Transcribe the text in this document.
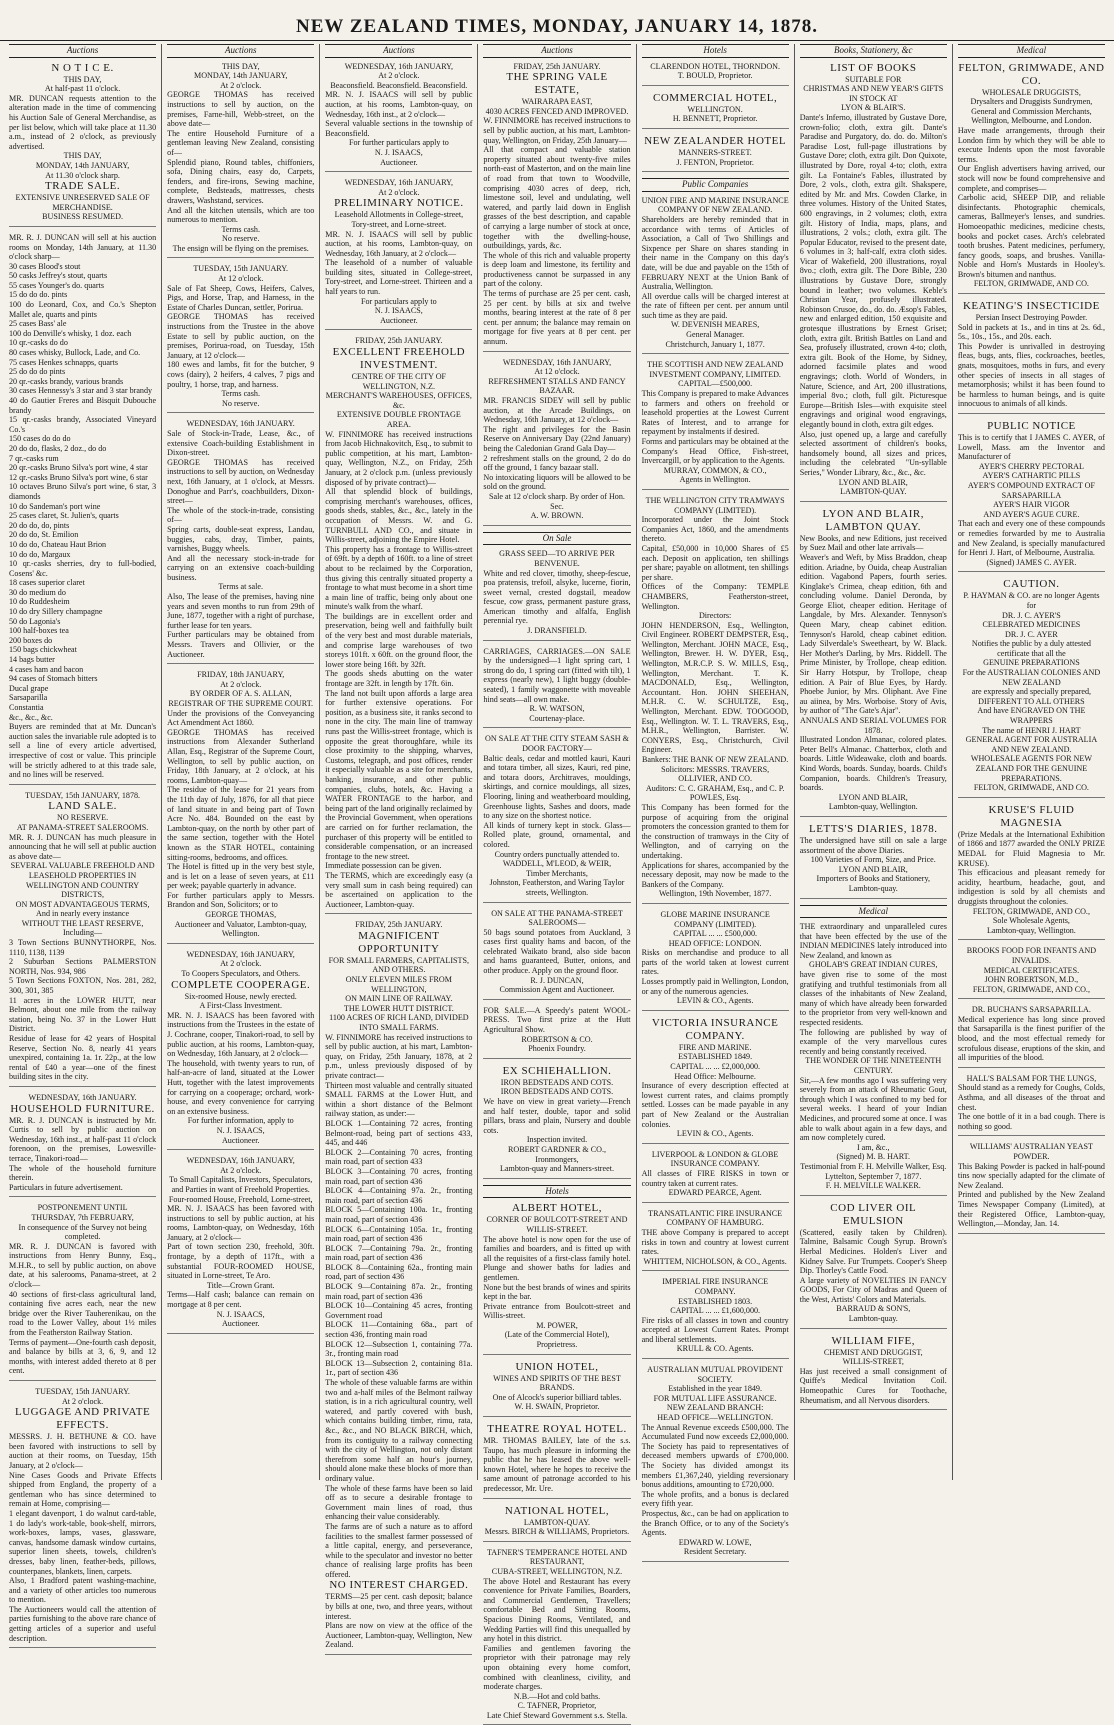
NEW ZEALAND TIMES, MONDAY, JANUARY 14, 1878.
Auctions

N O T I C E.

THIS DAY,

At half-past 11 o'clock.

MR. DUNCAN requests attention to the alteration made in the time of commencing his Auction Sale of General Merchandise, as per list below, which will take place at 11.30 a.m., instead of 2 o'clock, as previously advertised.

THIS DAY,

MONDAY, 14th JANUARY,

At 11.30 o'clock sharp.

TRADE SALE.

EXTENSIVE UNRESERVED SALE OF MERCHANDISE.

BUSINESS RESUMED.

MR. R. J. DUNCAN will sell at his auction rooms on Monday, 14th January, at 11.30 o'clock sharp—

30 cases Blood's stout

50 casks Jeffrey's stout, quarts

55 cases Younger's do. quarts

15 do do do. pints

100 do Leonard, Cox, and Co.'s Shepton Mallet ale, quarts and pints

25 cases Bass' ale

100 do Denville's whisky, 1 doz. each

10 qr.-casks do do

80 cases whisky, Bullock, Lade, and Co.

75 cases Henkes schnapps, quarts

25 do do do pints

20 qr.-casks brandy, various brands

30 cases Hennessy's 3 star and 3 star brandy

40 do Gautier Freres and Bisquit Dubouche brandy

15 qr.-casks brandy, Associated Vineyard Co.'s

150 cases do do do

20 do do, flasks, 2 doz., do do

7 qr.-casks rum

20 qr.-casks Bruno Silva's port wine, 4 star

12 qr.-casks Bruno Silva's port wine, 6 star

10 octaves Bruno Silva's port wine, 6 star, 3 diamonds

10 do Sandeman's port wine

25 cases claret, St. Julien's, quarts

20 do do, do, pints

20 do do, St. Emilion

10 do do, Chateau Haut Brion

10 do do, Margaux

10 qr.-casks sherries, dry to full-bodied, Cosens' &c.

18 cases superior claret

30 do medium do

10 do Ruddesheim

10 do dry Sillery champagne

50 do Lagonia's

100 half-boxes tea

200 boxes do

150 bags chickwheat

14 bags butter

4 cases ham and bacon

94 cases of Stomach bitters

Ducal grape

Sarsaparilla

Constantia

&c., &c., &c.

Buyers are reminded that at Mr. Duncan's auction sales the invariable rule adopted is to sell a line of every article advertised, irrespective of cost or value. This principle will be strictly adhered to at this trade sale, and no lines will be reserved.

TUESDAY, 15th JANUARY, 1878.

LAND SALE.

NO RESERVE.

AT PANAMA-STREET SALEROOMS.

MR. R. J. DUNCAN has much pleasure in announcing that he will sell at public auction as above date—

SEVERAL VALUABLE FREEHOLD AND LEASEHOLD PROPERTIES IN WELLINGTON AND COUNTRY DISTRICTS,

ON MOST ADVANTAGEOUS TERMS,

And in nearly every instance

WITHOUT THE LEAST RESERVE,

Including—

3 Town Sections BUNNYTHORPE, Nos. 1110, 1138, 1139

2 Suburban Sections PALMERSTON NORTH, Nos. 934, 986

5 Town Sections FOXTON, Nos. 281, 282, 300, 301, 385

11 acres in the LOWER HUTT, near Belmont, about one mile from the railway station, being No. 37 in the Lower Hutt District.

Residue of lease for 42 years of Hospital Reserve, Section No. 8, nearly 41 years unexpired, containing 1a. 1r. 22p., at the low rental of £40 a year—one of the finest building sites in the city.

WEDNESDAY, 16th JANUARY.

HOUSEHOLD FURNITURE.

MR. R. J. DUNCAN is instructed by Mr. Curtis to sell by public auction on Wednesday, 16th inst., at half-past 11 o'clock forenoon, on the premises, Lowesville-terrace, Tinakori-road—

The whole of the household furniture therein.

Particulars in future advertisement.

POSTPONEMENT UNTIL

THURSDAY, 7th FEBRUARY,

In consequence of the Survey not being completed.

MR. R. J. DUNCAN is favored with instructions from Henry Bunny, Esq., M.H.R., to sell by public auction, on above date, at his salerooms, Panama-street, at 2 o'clock—

40 sections of first-class agricultural land, containing five acres each, near the new bridge over the River Tauherenikau, on the road to the Lower Valley, about 1½ miles from the Featherston Railway Station.

Terms of payment—One-fourth cash deposit, and balance by bills at 3, 6, 9, and 12 months, with interest added thereto at 8 per cent.

TUESDAY, 15th JANUARY.

At 2 o'clock.

LUGGAGE AND PRIVATE EFFECTS.

MESSRS. J. H. BETHUNE & CO. have been favored with instructions to sell by auction at their rooms, on Tuesday, 15th January, at 2 o'clock—

Nine Cases Goods and Private Effects shipped from England, the property of a gentleman who has since determined to remain at Home, comprising—

1 elegant davenport, 1 do walnut card-table, 1 do lady's work-table, book-shelf, mirrors, work-boxes, lamps, vases, glassware, canvas, handsome damask window curtains, superior linen sheets, towels, children's dresses, baby linen, feather-beds, pillows, counterpanes, blankets, linen, carpets.

Also, 1 Bradford patent washing-machine, and a variety of other articles too numerous to mention.

The Auctioneers would call the attention of parties furnishing to the above rare chance of getting articles of a superior and useful description.

Auctions

THIS DAY,

MONDAY, 14th JANUARY,

At 2 o'clock.

GEORGE THOMAS has received instructions to sell by auction, on the premises, Farne-hill, Webb-street, on the above date—

The entire Household Furniture of a gentleman leaving New Zealand, consisting of—

Splendid piano, Round tables, chiffoniers, sofa, Dining chairs, easy do, Carpets, fenders, and fire-irons, Sewing machine, complete, Bedsteads, mattresses, chests drawers, Washstand, services.

And all the kitchen utensils, which are too numerous to mention.

Terms cash.

No reserve.

The ensign will be flying on the premises.

TUESDAY, 15th JANUARY.

At 12 o'clock.

Sale of Fat Sheep, Cows, Heifers, Calves, Pigs, and Horse, Trap, and Harness, in the Estate of Charles Duncan, settler, Porirua.

GEORGE THOMAS has received instructions from the Trustee in the above Estate to sell by public auction, on the premises, Porirua-road, on Tuesday, 15th January, at 12 o'clock—

180 ewes and lambs, fit for the butcher, 9 cows (dairy), 2 heifers, 4 calves, 7 pigs and poultry, 1 horse, trap, and harness.

Terms cash.

No reserve.

WEDNESDAY, 16th JANUARY.

Sale of Stock-in-Trade, Lease, &c., of extensive Coach-building Establishment in Dixon-street.

GEORGE THOMAS has received instructions to sell by auction, on Wednesday next, 16th January, at 1 o'clock, at Messrs. Donoghue and Parr's, coachbuilders, Dixon-street—

The whole of the stock-in-trade, consisting of—

Spring carts, double-seat express, Landau, buggies, cabs, dray, Timber, paints, varnishes, Buggy wheels.

And all the necessary stock-in-trade for carrying on an extensive coach-building business.

Terms at sale.

Also, The lease of the premises, having nine years and seven months to run from 29th of June, 1877, together with a right of purchase, further lease for ten years.

Further particulars may be obtained from Messrs. Travers and Ollivier, or the Auctioneer.

FRIDAY, 18th JANUARY,

At 2 o'clock.

BY ORDER OF A. S. ALLAN, REGISTRAR OF THE SUPREME COURT.

Under the provisions of the Conveyancing Act Amendment Act 1860.

GEORGE THOMAS has received instructions from Alexander Sutherland Allan, Esq., Registrar of the Supreme Court, Wellington, to sell by public auction, on Friday, 18th January, at 2 o'clock, at his rooms, Lambton-quay—

The residue of the lease for 21 years from the 11th day of July, 1876, for all that piece of land situate in and being part of Town Acre No. 484. Bounded on the east by Lambton-quay, on the north by other part of the same section, together with the Hotel known as the STAR HOTEL, containing sitting-rooms, bedrooms, and offices.

The Hotel is fitted up in the very best style, and is let on a lease of seven years, at £11 per week; payable quarterly in advance.

For further particulars apply to Messrs. Brandon and Son, Solicitors; or to

GEORGE THOMAS,

Auctioneer and Valuator, Lambton-quay, Wellington.

WEDNESDAY, 16th JANUARY,

At 2 o'clock.

To Coopers Speculators, and Others.

COMPLETE COOPERAGE.

Six-roomed House, newly erected.

A First-Class Investment.

MR. N. J. ISAACS has been favored with instructions from the Trustees in the estate of J. Cochrane, cooper, Tinakori-road, to sell by public auction, at his rooms, Lambton-quay, on Wednesday, 16th January, at 2 o'clock—

The household, with twenty years to run, of half-an-acre of land, situated at the Lower Hutt, together with the latest improvements for carrying on a cooperage; orchard, work-house, and every convenience for carrying on an extensive business.

For further information, apply to

N. J. ISAACS,

Auctioneer.

WEDNESDAY, 16th JANUARY,

At 2 o'clock.

To Small Capitalists, Investors, Speculators, and Parties in want of Freehold Properties.

Four-roomed House, Freehold, Lorne-street,

MR. N. J. ISAACS has been favored with instructions to sell by public auction, at his rooms, Lambton-quay, on Wednesday, 16th January, at 2 o'clock—

Part of town section 230, freehold, 30ft. frontage, by a depth of 117ft., with a substantial FOUR-ROOMED HOUSE, situated in Lorne-street, Te Aro.

Title—Crown Grant.

Terms—Half cash; balance can remain on mortgage at 8 per cent.

N. J. ISAACS,

Auctioneer.

Auctions

WEDNESDAY, 16th JANUARY,

At 2 o'clock.

Beaconsfield. Beaconsfield. Beaconsfield.

MR. N. J. ISAACS will sell by public auction, at his rooms, Lambton-quay, on Wednesday, 16th inst., at 2 o'clock—

Several valuable sections in the township of Beaconsfield.

For further particulars apply to

N. J. ISAACS,

Auctioneer.

WEDNESDAY, 16th JANUARY,

At 2 o'clock.

PRELIMINARY NOTICE.

Leasehold Allotments in College-street, Tory-street, and Lorne-street.

MR. N. J. ISAACS will sell by public auction, at his rooms, Lambton-quay, on Wednesday, 16th January, at 2 o'clock—

The leasehold of a number of valuable building sites, situated in College-street, Tory-street, and Lorne-street. Thirteen and a half years to run.

For particulars apply to

N. J. ISAACS,

Auctioneer.

FRIDAY, 25th JANUARY.

EXCELLENT FREEHOLD INVESTMENT.

CENTRE OF THE CITY OF WELLINGTON, N.Z.

MERCHANT'S WAREHOUSES, OFFICES, &c.

EXTENSIVE DOUBLE FRONTAGE AREA.

W. FINNIMORE has received instructions from Jacob Hichnakovitch, Esq., to submit to public competition, at his mart, Lambton-quay, Wellington, N.Z., on Friday, 25th January, at 2 o'clock p.m. (unless previously disposed of by private contract)—

All that splendid block of buildings, comprising merchant's warehouses, offices, goods sheds, stables, &c., &c., lately in the occupation of Messrs. W. and G. TURNBULL AND CO., and situate in Willis-street, adjoining the Empire Hotel.

This property has a frontage to Willis-street of 69ft. by a depth of 160ft. to a line of street about to be reclaimed by the Corporation, thus giving this centrally situated property a frontage to what must become in a short time a main line of traffic, being only about one minute's walk from the wharf.

The buildings are in excellent order and preservation, being well and faithfully built of the very best and most durable materials, and comprise large warehouses of two storeys 101ft. x 60ft. on the ground floor, the lower store being 16ft. by 32ft.

The goods sheds abutting on the water frontage are 32ft. in length by 17ft. 6in.

The land not built upon affords a large area for further extensive operations. For position, as a business site, it ranks second to none in the city. The main line of tramway runs past the Willis-street frontage, which is opposite the great thoroughfare, while its close proximity to the shipping, wharves, Customs, telegraph, and post offices, render it especially valuable as a site for merchants, banking, insurance, and other public companies, clubs, hotels, &c. Having a WATER FRONTAGE to the harbor, and being part of the land originally reclaimed by the Provincial Government, when operations are carried on for further reclamation, the purchaser of this property will be entitled to considerable compensation, or an increased frontage to the new street.

Immediate possession can be given.

The TERMS, which are exceedingly easy (a very small sum in cash being required) can be ascertained on application to the Auctioneer, Lambton-quay.

FRIDAY, 25th JANUARY.

MAGNIFICENT OPPORTUNITY

FOR SMALL FARMERS, CAPITALISTS, AND OTHERS.

ONLY ELEVEN MILES FROM WELLINGTON,

ON MAIN LINE OF RAILWAY.

THE LOWER HUTT DISTRICT.

1100 ACRES OF RICH LAND, DIVIDED INTO SMALL FARMS.

W. FINNIMORE has received instructions to sell by public auction, at his mart, Lambton-quay, on Friday, 25th January, 1878, at 2 p.m., unless previously disposed of by private contract—

Thirteen most valuable and centrally situated SMALL FARMS at the Lower Hutt, and within a short distance of the Belmont railway station, as under:—

BLOCK 1—Containing 72 acres, fronting Belmont-road, being part of sections 433, 445, and 446

BLOCK 2—Containing 70 acres, fronting main road, part of section 433

BLOCK 3—Containing 70 acres, fronting main road, part of section 436

BLOCK 4—Containing 97a. 2r., fronting main road, part of section 436

BLOCK 5—Containing 100a. 1r., fronting main road, part of section 436

BLOCK 6—Containing 105a. 1r., fronting main road, part of section 436

BLOCK 7—Containing 79a. 2r., fronting main road, part of section 436

BLOCK 8—Containing 62a., fronting main road, part of section 436

BLOCK 9—Containing 87a. 2r., fronting main road, part of section 436

BLOCK 10—Containing 45 acres, fronting Government road

BLOCK 11—Containing 68a., part of section 436, fronting main road

BLOCK 12—Subsection 1, containing 77a. 3r., fronting main road

BLOCK 13—Subsection 2, containing 81a. 1r., part of section 436

The whole of these valuable farms are within two and a-half miles of the Belmont railway station, is in a rich agricultural country, well watered, and partly covered with bush, which contains building timber, rimu, rata, &c., &c., and NO BLACK BIRCH, which, from its contiguity to a railway connecting with the city of Wellington, not only distant therefrom some half an hour's journey, should alone make these blocks of more than ordinary value.

The whole of these farms have been so laid off as to secure a desirable frontage to Government main lines of road, thus enhancing their value considerably.

The farms are of such a nature as to afford facilities to the smallest farmer possessed of a little capital, energy, and perseverance, while to the speculator and investor no better chance of realising large profits has been offered.

NO INTEREST CHARGED.

TERMS—25 per cent. cash deposit; balance by bills at one, two, and three years, without interest.

Plans are now on view at the office of the Auctioneer, Lambton-quay, Wellington, New Zealand.

Auctions

FRIDAY, 25th JANUARY.

THE SPRING VALE ESTATE,

WAIRARAPA EAST,

4030 ACRES FENCED AND IMPROVED.

W. FINNIMORE has received instructions to sell by public auction, at his mart, Lambton-quay, Wellington, on Friday, 25th January—

All that compact and valuable station property situated about twenty-five miles north-east of Masterton, and on the main line of road from that town to Woodville, comprising 4030 acres of deep, rich, limestone soil, level and undulating, well watered, and partly laid down in English grasses of the best description, and capable of carrying a large number of stock at once, together with the dwelling-house, outbuildings, yards, &c.

The whole of this rich and valuable property is deep loam and limestone, its fertility and productiveness cannot be surpassed in any part of the colony.

The terms of purchase are 25 per cent. cash, 25 per cent. by bills at six and twelve months, bearing interest at the rate of 8 per cent. per annum; the balance may remain on mortgage for five years at 8 per cent. per annum.

WEDNESDAY, 16th JANUARY,

At 12 o'clock.

REFRESHMENT STALLS AND FANCY BAZAAR.

MR. FRANCIS SIDEY will sell by public auction, at the Arcade Buildings, on Wednesday, 16th January, at 12 o'clock—

The right and privileges for the Basin Reserve on Anniversary Day (22nd January) being the Caledonian Grand Gala Day—

2 refreshment stalls on the ground, 2 do do off the ground, 1 fancy bazaar stall.

No intoxicating liquors will be allowed to be sold on the ground.

Sale at 12 o'clock sharp. By order of Hon. Sec.

A. W. BROWN.

On Sale

GRASS SEED—TO ARRIVE PER BENVENUE.

White and red clover, timothy, sheep-fescue, poa pratensis, trefoil, alsyke, lucerne, fiorin, sweet vernal, crested dogstail, meadow fescue, cow grass, permanent pasture grass, American timothy and alfalfa, English perennial rye.

J. DRANSFIELD.

CARRIAGES, CARRIAGES.—ON SALE by the undersigned—1 light spring cart, 1 strong do do, 1 spring cart (fitted with tilt), 1 express (nearly new), 1 light buggy (double-seated), 1 family waggonette with moveable hind seats—all own make.

R. W. WATSON,

Courtenay-place.

ON SALE AT THE CITY STEAM SASH & DOOR FACTORY—

Baltic deals, cedar and mottled kauri, Kauri and totara timber, all sizes, Kauri, red pine, and totara doors, Architraves, mouldings, skirtings, and cornice mouldings, all sizes, Flooring, lining and weatherboard moulding, Greenhouse lights, Sashes and doors, made to any size on the shortest notice.

All kinds of turnery kept in stock. Glass—Rolled plate, ground, ornamental, and colored.

Country orders punctually attended to.

WADDELL, M'LEOD, & WEIR,

Timber Merchants,

Johnston, Featherston, and Waring Taylor streets, Wellington.

ON SALE AT THE PANAMA-STREET SALEROOMS—

50 bags sound potatoes from Auckland, 3 cases first quality hams and bacon, of the celebrated Waikato brand, also side bacon and hams guaranteed, Butter, onions, and other produce. Apply on the ground floor.

R. J. DUNCAN,

Commission Agent and Auctioneer.

FOR SALE.—A Speedy's patent WOOL-PRESS. Two first prize at the Hutt Agricultural Show.

ROBERTSON & CO.

Phoenix Foundry.

EX SCHIEHALLION.

IRON BEDSTEADS AND COTS.

IRON BEDSTEADS AND COTS.

We have on view in great variety—French and half tester, double, tapor and solid pillars, brass and plain, Nursery and double cots.

Inspection invited.

ROBERT GARDNER & CO.,

Ironmongers,

Lambton-quay and Manners-street.

Hotels

ALBERT HOTEL,

CORNER OF BOULCOTT-STREET AND WILLIS-STREET.

The above hotel is now open for the use of families and boarders, and is fitted up with all the requisites of a first-class family hotel. Plunge and shower baths for ladies and gentlemen.

None but the best brands of wines and spirits kept in the bar.

Private entrance from Boulcott-street and Willis-street.

M. POWER,

(Late of the Commercial Hotel), Proprietress.

UNION HOTEL,

WINES AND SPIRITS OF THE BEST BRANDS.

One of Alcock's superior billiard tables.

W. H. SWAIN, Proprietor.

THEATRE ROYAL HOTEL.

MR. THOMAS BAILEY, late of the s.s. Taupo, has much pleasure in informing the public that he has leased the above well-known Hotel, where he hopes to receive the same amount of patronage accorded to his predecessor, Mr. Ure.

NATIONAL HOTEL,

LAMBTON-QUAY.

Messrs. BIRCH & WILLIAMS, Proprietors.

TAFNER'S TEMPERANCE HOTEL AND RESTAURANT,

CUBA-STREET, WELLINGTON, N.Z.

The above Hotel and Restaurant has every convenience for Private Families, Boarders, and Commercial Gentlemen, Travellers; comfortable Bed and Sitting Rooms, Spacious Dining Rooms, Ventilated, and Wedding Parties will find this unequalled by any hotel in this district.

Families and gentlemen favoring the proprietor with their patronage may rely upon obtaining every home comfort, combined with cleanliness, civility, and moderate charges.

N.B.—Hot and cold baths.

C. TAFNER, Proprietor,

Late Chief Steward Government s.s. Stella.

Hotels

CLARENDON HOTEL, THORNDON.

T. BOULD, Proprietor.

COMMERCIAL HOTEL,

WELLINGTON.

H. BENNETT, Proprietor.

NEW ZEALANDER HOTEL

MANNERS-STREET.

J. FENTON, Proprietor.

Public Companies

UNION FIRE AND MARINE INSURANCE COMPANY OF NEW ZEALAND.

Shareholders are hereby reminded that in accordance with terms of Articles of Association, a Call of Two Shillings and Sixpence per Share on shares standing in their name in the Company on this day's date, will be due and payable on the 15th of FEBRUARY NEXT at the Union Bank of Australia, Wellington.

All overdue calls will be charged interest at the rate of fifteen per cent. per annum until such time as they are paid.

W. DEVENISH MEARES,

General Manager.

Christchurch, January 1, 1877.

THE SCOTTISH AND NEW ZEALAND INVESTMENT COMPANY, LIMITED.

CAPITAL—£500,000.

This Company is prepared to make Advances to farmers and others on freehold or leasehold properties at the Lowest Current Rates of Interest, and to arrange for repayment by instalments if desired.

Forms and particulars may be obtained at the Company's Head Office, Fish-street, Invercargill, or by application to the Agents.

MURRAY, COMMON, & CO.,

Agents in Wellington.

THE WELLINGTON CITY TRAMWAYS COMPANY (LIMITED).

Incorporated under the Joint Stock Companies Act, 1860, and the amendments thereto.

Capital, £50,000 in 10,000 Shares of £5 each. Deposit on application, ten shillings per share; payable on allotment, ten shillings per share.

Offices of the Company: TEMPLE CHAMBERS, Featherston-street, Wellington.

Directors:

JOHN HENDERSON, Esq., Wellington, Civil Engineer. ROBERT DEMPSTER, Esq., Wellington, Merchant. JOHN MACE, Esq., Wellington, Brewer. H. W. DYER, Esq., Wellington, M.R.C.P. S. W. MILLS, Esq., Wellington, Merchant. T. K. MACDONALD, Esq., Wellington, Accountant. Hon. JOHN SHEEHAN, M.H.R. C. W. SCHULTZE, Esq., Wellington, Merchant. EDW. TOOGOOD, Esq., Wellington. W. T. L. TRAVERS, Esq., M.H.R., Wellington, Barrister. W. CONYERS, Esq., Christchurch, Civil Engineer.

Bankers: THE BANK OF NEW ZEALAND.

Solicitors: MESSRS. TRAVERS, OLLIVIER, AND CO.

Auditors: C. C. GRAHAM, Esq., and C. P. POWLES, Esq.

This Company has been formed for the purpose of acquiring from the original promoters the concession granted to them for the construction of tramways in the City of Wellington, and of carrying on the undertaking.

Applications for shares, accompanied by the necessary deposit, may now be made to the Bankers of the Company.

Wellington, 19th November, 1877.

GLOBE MARINE INSURANCE COMPANY (LIMITED).

CAPITAL ... ... £500,000.

HEAD OFFICE: LONDON.

Risks on merchandise and produce to all parts of the world taken at lowest current rates.

Losses promptly paid in Wellington, London, or any of the numerous agencies.

LEVIN & CO., Agents.

VICTORIA INSURANCE COMPANY.

FIRE AND MARINE.

ESTABLISHED 1849.

CAPITAL ... ... £2,000,000.

Head Office: Melbourne.

Insurance of every description effected at lowest current rates, and claims promptly settled. Losses can be made payable in any part of New Zealand or the Australian colonies.

LEVIN & CO., Agents.

LIVERPOOL & LONDON & GLOBE INSURANCE COMPANY.

All classes of FIRE RISKS in town or country taken at current rates.

EDWARD PEARCE, Agent.

TRANSATLANTIC FIRE INSURANCE COMPANY OF HAMBURG.

THE above Company is prepared to accept risks in town and country at lowest current rates.

WHITTEM, NICHOLSON, & CO., Agents.

IMPERIAL FIRE INSURANCE COMPANY.

ESTABLISHED 1803.

CAPITAL ... ... £1,600,000.

Fire risks of all classes in town and country accepted at Lowest Current Rates. Prompt and liberal settlements.

KRULL & CO. Agents.

AUSTRALIAN MUTUAL PROVIDENT SOCIETY.

Established in the year 1849.

FOR MUTUAL LIFE ASSURANCE.

NEW ZEALAND BRANCH:

HEAD OFFICE—WELLINGTON.

The Annual Revenue exceeds £500,000. The Accumulated Fund now exceeds £2,000,000. The Society has paid to representatives of deceased members upwards of £700,000. The Society has divided amongst its members £1,367,240, yielding reversionary bonus additions, amounting to £720,000.

The whole profits, and a bonus is declared every fifth year.

Prospectus, &c., can be had on application to the Branch Office, or to any of the Society's Agents.

EDWARD W. LOWE,

Resident Secretary.

Books, Stationery, &c

LIST OF BOOKS

SUITABLE FOR

CHRISTMAS AND NEW YEAR'S GIFTS

IN STOCK AT

LYON & BLAIR'S.

Dante's Inferno, illustrated by Gustave Dore, crown-folio; cloth, extra gilt. Dante's Paradise and Purgatory, do. do. do. Milton's Paradise Lost, full-page illustrations by Gustave Dore; cloth, extra gilt. Don Quixote, illustrated by Dore, royal 4-to; cloth, extra gilt. La Fontaine's Fables, illustrated by Dore, 2 vols., cloth, extra gilt. Shakspere, edited by Mr. and Mrs. Cowden Clarke, in three volumes. History of the United States, 600 engravings, in 2 volumes; cloth, extra gilt. History of India, maps, plans, and illustrations, 2 vols.; cloth, extra gilt. The Popular Educator, revised to the present date, 6 volumes in 3; half-calf, extra cloth sides. Vicar of Wakefield, 200 illustrations, royal 8vo.; cloth, extra gilt. The Dore Bible, 230 illustrations by Gustave Dore, strongly bound in leather; two volumes. Keble's Christian Year, profusely illustrated. Robinson Crusoe, do., do. do. Æsop's Fables, new and enlarged edition, 150 exquisite and grotesque illustrations by Ernest Griset; cloth, extra gilt. British Battles on Land and Sea, profusely illustrated, crown 4-to; cloth, extra gilt. Book of the Home, by Sidney, adorned facsimile plates and wood engravings; cloth. World of Wonders, in Nature, Science, and Art, 200 illustrations, imperial 8vo.; cloth, full gilt. Picturesque Europe—British Isles—with exquisite steel engravings and original wood engravings, elegantly bound in cloth, extra gilt edges.

Also, just opened up, a large and carefully selected assortment of children's books, handsomely bound, all sizes and prices, including the celebrated "Un-syllable Series," Wonder Library, &c., &c., &c.

LYON AND BLAIR,

LAMBTON-QUAY.

LYON AND BLAIR, LAMBTON QUAY.

New Books, and new Editions, just received by Suez Mail and other late arrivals—

Weaver's and Weft, by Miss Braddon, cheap edition. Ariadne, by Ouida, cheap Australian edition. Vagabond Papers, fourth series. Kinglake's Crimea, cheap edition, 6th and concluding volume. Daniel Deronda, by George Eliot, cheaper edition. Heritage of Langdale, by Mrs. Alexander. Tennyson's Queen Mary, cheap cabinet edition. Tennyson's Harold, cheap cabinet edition. Lady Silverdale's Sweetheart, by W. Black. Her Mother's Darling, by Mrs. Riddell. The Prime Minister, by Trollope, cheap edition. Sir Harry Hotspur, by Trollope, cheap edition. A Pair of Blue Eyes, by Hardy. Phoebe Junior, by Mrs. Oliphant. Ave Fine au aiinea, by Mrs. Worboise. Story of Avis, by author of "The Gate's Ajar".

ANNUALS AND SERIAL VOLUMES FOR 1878.

Illustrated London Almanac, colored plates. Peter Bell's Almanac. Chatterbox, cloth and boards. Little Wideawake, cloth and boards. Kind Words, boards. Sunday, boards. Child's Companion, boards. Children's Treasury, boards.

LYON AND BLAIR,

Lambton-quay, Wellington.

LETTS'S DIARIES, 1878.

The undersigned have still on sale a large assortment of the above Diaries.

100 Varieties of Form, Size, and Price.

LYON AND BLAIR,

Importers of Books and Stationery,

Lambton-quay.

Medical

THE extraordinary and unparalleled cures that have been effected by the use of the INDIAN MEDICINES lately introduced into New Zealand, and known as

GHOLAB'S GREAT INDIAN CURES,

have given rise to some of the most gratifying and truthful testimonials from all classes of the inhabitants of New Zealand, many of which have already been forwarded to the proprietor from very well-known and respected residents.

The following are published by way of example of the very marvellous cures recently and being constantly received.

THE WONDER OF THE NINETEENTH CENTURY.

Sir,—A few months ago I was suffering very severely from an attack of Rheumatic Gout, through which I was confined to my bed for several weeks. I heard of your Indian Medicines, and procured some at once. I was able to walk about again in a few days, and am now completely cured.

I am, &c.,

(Signed) M. B. HART.

Testimonial from F. H. Melville Walker, Esq.

Lyttelton, September 7, 1877.

F. H. MELVILLE WALKER.

COD LIVER OIL EMULSION

(Scattered, easily taken by Children). Talmine, Balsamic Cough Syrup. Brown's Herbal Medicines. Holden's Liver and Kidney Salve. Fur Trumpets. Cooper's Sheep Dip. Thorley's Cattle Food.

A large variety of NOVELTIES IN FANCY GOODS, For City of Madras and Queen of the West, Artists' Colors and Materials.

BARRAUD & SON'S,

Lambton-quay.

WILLIAM FIFE,

CHEMIST AND DRUGGIST,

WILLIS-STREET,

Has just received a small consignment of Quiffe's Medical Invitation Coil. Homeopathic Cures for Toothache, Rheumatism, and all Nervous disorders.

Medical

FELTON, GRIMWADE, AND CO.

WHOLESALE DRUGGISTS,

Drysalters and Druggists Sundrymen,

General and Commission Merchants,

Wellington, Melbourne, and London.

Have made arrangements, through their London firm by which they will be able to execute Indents upon the most favorable terms.

Our English advertisers having arrived, our stock will now be found comprehensive and complete, and comprises—

Carbolic acid, SHEEP DIP, and reliable disinfectants. Photographic chemicals, cameras, Ballmeyer's lenses, and sundries. Homoeopathic medicines, medicine chests, books and pocket cases. Arch's celebrated tooth brushes. Patent medicines, perfumery, fancy goods, soaps, and brushes. Vanilla-Noble and Horn's Mustards in Hooley's. Brown's bitumen and nanthus.

FELTON, GRIMWADE, AND CO.

KEATING'S INSECTICIDE

Persian Insect Destroying Powder.

Sold in packets at 1s., and in tins at 2s. 6d., 5s., 10s., 15s., and 20s. each.

This Powder is unrivalled in destroying fleas, bugs, ants, flies, cockroaches, beetles, gnats, mosquitoes, moths in furs, and every other species of insects in all stages of metamorphosis; whilst it has been found to be harmless to human beings, and is quite innocuous to animals of all kinds.

PUBLIC NOTICE

This is to certify that I JAMES C. AYER, of Lowell, Mass. am the Inventor and Manufacturer of

AYER'S CHERRY PECTORAL

AYER'S CATHARTIC PILLS

AYER'S COMPOUND EXTRACT OF SARSAPARILLA

AYER'S HAIR VIGOR

AND AYER'S AGUE CURE.

That each and every one of these compounds or remedies forwarded by me to Australia and New Zealand, is specially manufactured for Henri J. Hart, of Melbourne, Australia.

(Signed) JAMES C. AYER.

CAUTION.

P. HAYMAN & CO. are no longer Agents for

DR. J. C. AYER'S

CELEBRATED MEDICINES

DR. J. C. AYER

Notifies the public by a duly attested certificate that all the

GENUINE PREPARATIONS

For the AUSTRALIAN COLONIES AND NEW ZEALAND

are expressly and specially prepared,

DIFFERENT TO ALL OTHERS

And have ENGRAVED ON THE WRAPPERS

The name of HENRI J. HART

GENERAL AGENT FOR AUSTRALIA AND NEW ZEALAND.

WHOLESALE AGENTS FOR NEW ZEALAND FOR THE GENUINE PREPARATIONS.

FELTON, GRIMWADE, AND CO.

KRUSE'S FLUID MAGNESIA

(Prize Medals at the International Exhibition of 1866 and 1877 awarded the ONLY PRIZE MEDAL for Fluid Magnesia to Mr. KRUSE).

This efficacious and pleasant remedy for acidity, heartburn, headache, gout, and indigestion is sold by all chemists and druggists throughout the colonies.

FELTON, GRIMWADE, AND CO.,

Sole Wholesale Agents,

Lambton-quay, Wellington.

BROOKS FOOD FOR INFANTS AND INVALIDS.

MEDICAL CERTIFICATES.

JOHN ROBERTSON, M.D.,

FELTON, GRIMWADE, AND CO.,

DR. BUCHAN'S SARSAPARILLA.

Medical experience has long since proved that Sarsaparilla is the finest purifier of the blood, and the most effectual remedy for scrofulous disease, eruptions of the skin, and all impurities of the blood.

HALL'S BALSAM FOR THE LUNGS,

Should stand as a remedy for Coughs, Colds, Asthma, and all diseases of the throat and chest.

The one bottle of it in a bad cough. There is nothing so good.

WILLIAMS' AUSTRALIAN YEAST POWDER.

This Baking Powder is packed in half-pound tins now specially adapted for the climate of New Zealand.

Printed and published by the New Zealand Times Newspaper Company (Limited), at their Registered Office, Lambton-quay, Wellington,—Monday, Jan. 14.
